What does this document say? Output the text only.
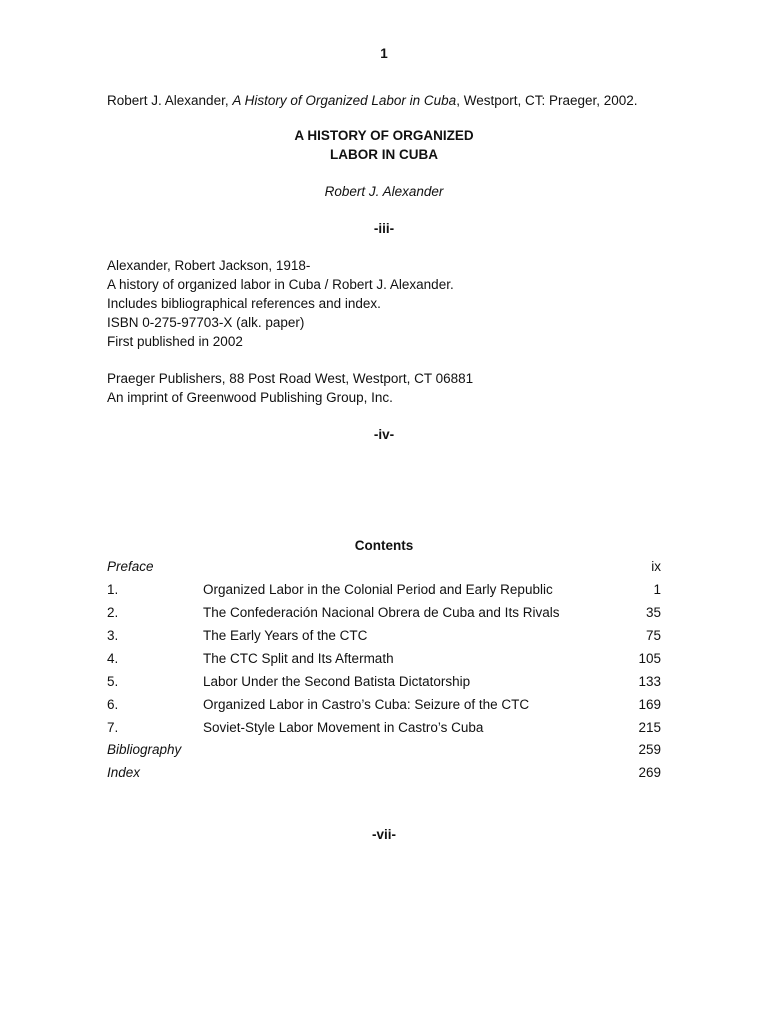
1
Robert J. Alexander, A History of Organized Labor in Cuba, Westport, CT: Praeger, 2002.
A HISTORY OF ORGANIZED
LABOR IN CUBA
Robert J. Alexander
-iii-
Alexander, Robert Jackson, 1918-
A history of organized labor in Cuba / Robert J. Alexander.
Includes bibliographical references and index.
ISBN 0-275-97703-X (alk. paper)
First published in 2002
Praeger Publishers, 88 Post Road West, Westport, CT 06881
An imprint of Greenwood Publishing Group, Inc.
-iv-
Contents
Preface	ix
1.	Organized Labor in the Colonial Period and Early Republic	1
2.	The Confederación Nacional Obrera de Cuba and Its Rivals	35
3.	The Early Years of the CTC	75
4.	The CTC Split and Its Aftermath	105
5.	Labor Under the Second Batista Dictatorship	133
6.	Organized Labor in Castro’s Cuba: Seizure of the CTC	169
7.	Soviet-Style Labor Movement in Castro’s Cuba	215
Bibliography	259
Index	269
-vii-
